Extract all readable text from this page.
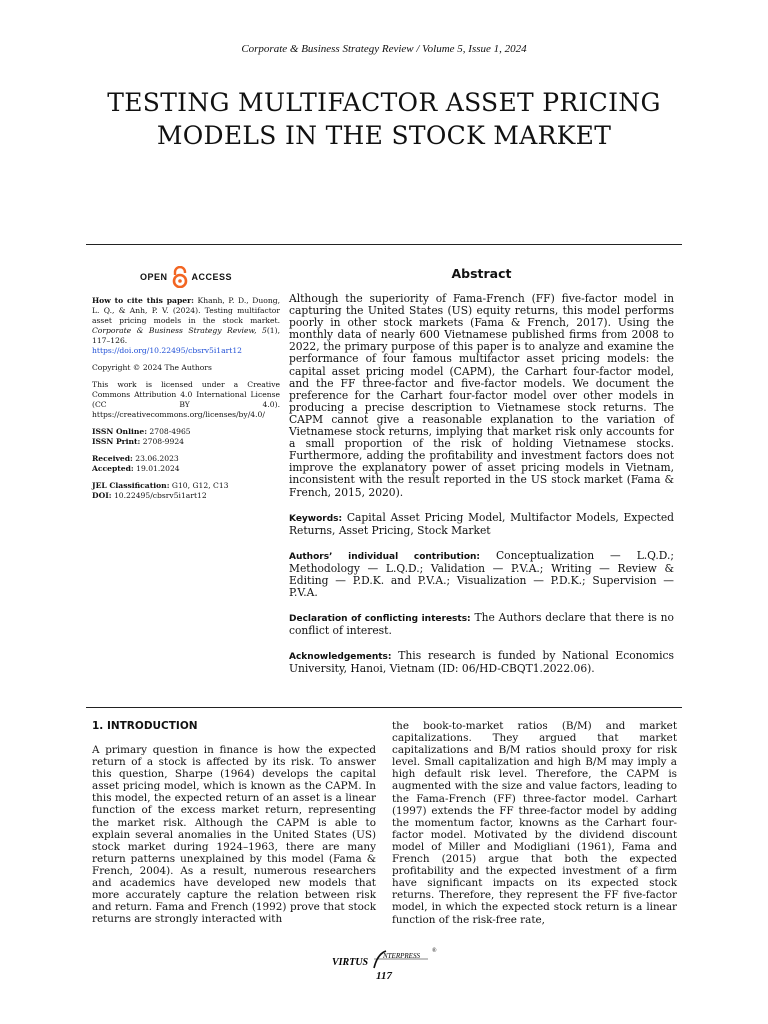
Corporate & Business Strategy Review / Volume 5, Issue 1, 2024
TESTING MULTIFACTOR ASSET PRICING
MODELS IN THE STOCK MARKET
OPEN	ACCESS

How to cite this paper: Khanh, P. D., Duong, L. Q., & Anh, P. V. (2024). Testing multifactor asset pricing models in the stock market. Corporate & Business Strategy Review, 5(1), 117–126.
https://doi.org/10.22495/cbsrv5i1art12

Copyright © 2024 The Authors

This work is licensed under a Creative Commons Attribution 4.0 International License (CC BY 4.0). https://creativecommons.org/licenses/by/4.0/

ISSN Online: 2708-4965
ISSN Print: 2708-9924

Received: 23.06.2023
Accepted: 19.01.2024

JEL Classification: G10, G12, C13
DOI: 10.22495/cbsrv5i1art12

Abstract

Although the superiority of Fama-French (FF) five-factor model in capturing the United States (US) equity returns, this model performs poorly in other stock markets (Fama & French, 2017). Using the monthly data of nearly 600 Vietnamese published firms from 2008 to 2022, the primary purpose of this paper is to analyze and examine the performance of four famous multifactor asset pricing models: the capital asset pricing model (CAPM), the Carhart four-factor model, and the FF three-factor and five-factor models. We document the preference for the Carhart four-factor model over other models in producing a precise description to Vietnamese stock returns. The CAPM cannot give a reasonable explanation to the variation of Vietnamese stock returns, implying that market risk only accounts for a small proportion of the risk of holding Vietnamese stocks. Furthermore, adding the profitability and investment factors does not improve the explanatory power of asset pricing models in Vietnam, inconsistent with the result reported in the US stock market (Fama & French, 2015, 2020).

Keywords: Capital Asset Pricing Model, Multifactor Models, Expected Returns, Asset Pricing, Stock Market

Authors’ individual contribution: Conceptualization — L.Q.D.; Methodology — L.Q.D.; Validation — P.V.A.; Writing — Review & Editing — P.D.K. and P.V.A.; Visualization — P.D.K.; Supervision — P.V.A.

Declaration of conflicting interests: The Authors declare that there is no conflict of interest.

Acknowledgements: This research is funded by National Economics University, Hanoi, Vietnam (ID: 06/HD-CBQT1.2022.06).

1. INTRODUCTION

A primary question in finance is how the expected return of a stock is affected by its risk. To answer this question, Sharpe (1964) develops the capital asset pricing model, which is known as the CAPM. In this model, the expected return of an asset is a linear function of the excess market return, representing the market risk. Although the CAPM is able to explain several anomalies in the United States (US) stock market during 1924–1963, there are many return patterns unexplained by this model (Fama & French, 2004). As a result, numerous researchers and academics have developed new models that more accurately capture the relation between risk and return. Fama and French (1992) prove that stock returns are strongly interacted with

the book-to-market ratios (B/M) and market capitalizations. They argued that market capitalizations and B/M ratios should proxy for risk level. Small capitalization and high B/M may imply a high default risk level. Therefore, the CAPM is augmented with the size and value factors, leading to the Fama-French (FF) three-factor model. Carhart (1997) extends the FF three-factor model by adding the momentum factor, knowns as the Carhart four-factor model. Motivated by the dividend discount model of Miller and Modigliani (1961), Fama and French (2015) argue that both the expected profitability and the expected investment of a firm have significant impacts on its expected stock returns. Therefore, they represent the FF five-factor model, in which the expected stock return is a linear function of the risk-free rate,

VIRTUS
NTERPRESS
®
117
